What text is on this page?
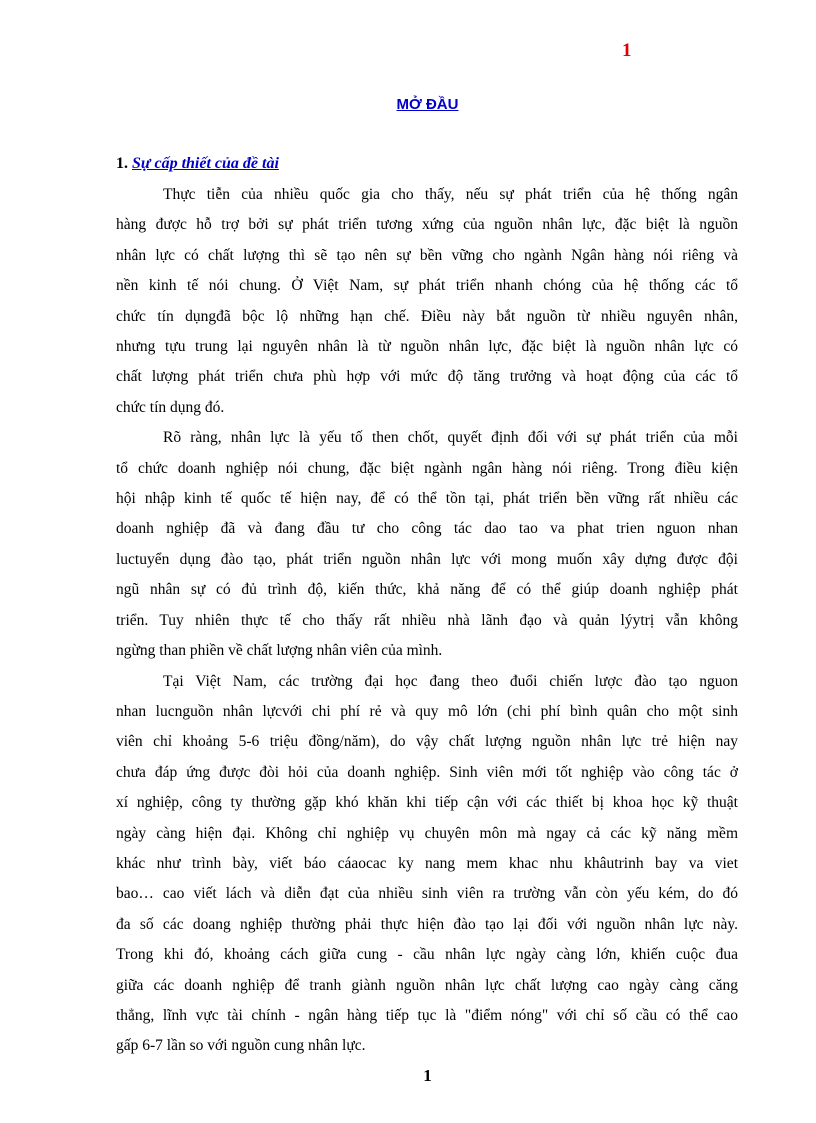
1
MỞ ĐẦU
1. Sự cấp thiết của đề tài

Thực tiễn của nhiều quốc gia cho thấy, nếu sự phát triển của hệ thống ngân
hàng được hỗ trợ bởi sự phát triển tương xứng của nguồn nhân lực, đặc biệt là nguồn
nhân lực có chất lượng thì sẽ tạo nên sự bền vững cho ngành Ngân hàng nói riêng và
nền kinh tế nói chung. Ở Việt Nam, sự phát triển nhanh chóng của hệ thống các tổ
chức tín dụngđã bộc lộ những hạn chế. Điều này bắt nguồn từ nhiều nguyên nhân,
nhưng tựu trung lại nguyên nhân là từ nguồn nhân lực, đặc biệt là nguồn nhân lực có
chất lượng phát triển chưa phù hợp với mức độ tăng trưởng và hoạt động của các tổ
chức tín dụng đó.

Rõ ràng, nhân lực là yếu tố then chốt, quyết định đối với sự phát triển của mỗi
tổ chức doanh nghiệp nói chung, đặc biệt ngành ngân hàng nói riêng. Trong điều kiện
hội nhập kinh tế quốc tế hiện nay, để có thể tồn tại, phát triển bền vững rất nhiều các
doanh nghiệp đã và đang đầu tư cho công tác dao tao va phat trien nguon nhan
luctuyển dụng đào tạo, phát triển nguồn nhân lực với mong muốn xây dựng được đội
ngũ nhân sự có đủ trình độ, kiến thức, khả năng để có thể giúp doanh nghiệp phát
triển. Tuy nhiên thực tế cho thấy rất nhiều nhà lãnh đạo và quản lýytrị vẫn không
ngừng than phiền về chất lượng nhân viên của mình.

Tại Việt Nam, các trường đại học đang theo đuổi chiến lược đào tạo nguon
nhan lucnguồn nhân lựcvới chi phí rẻ và quy mô lớn (chi phí bình quân cho một sinh
viên chỉ khoảng 5-6 triệu đồng/năm), do vậy chất lượng nguồn nhân lực trẻ hiện nay
chưa đáp ứng được đòi hỏi của doanh nghiệp. Sinh viên mới tốt nghiệp vào công tác ở
xí nghiệp, công ty thường gặp khó khăn khi tiếp cận với các thiết bị khoa học kỹ thuật
ngày càng hiện đại. Không chỉ nghiệp vụ chuyên môn mà ngay cả các kỹ năng mềm
khác như trình bày, viết báo cáaocac ky nang mem khac nhu khâutrinh bay va viet
bao… cao viết lách và diễn đạt của nhiều sinh viên ra trường vẫn còn yếu kém, do đó
đa số các doang nghiệp thường phải thực hiện đào tạo lại đối với nguồn nhân lực này.
Trong khi đó, khoảng cách giữa cung - cầu nhân lực ngày càng lớn, khiến cuộc đua
giữa các doanh nghiệp để tranh giành nguồn nhân lực chất lượng cao ngày càng căng
thẳng, lĩnh vực tài chính - ngân hàng tiếp tục là "điểm nóng" với chỉ số cầu có thể cao
gấp 6-7 lần so với nguồn cung nhân lực.

1
